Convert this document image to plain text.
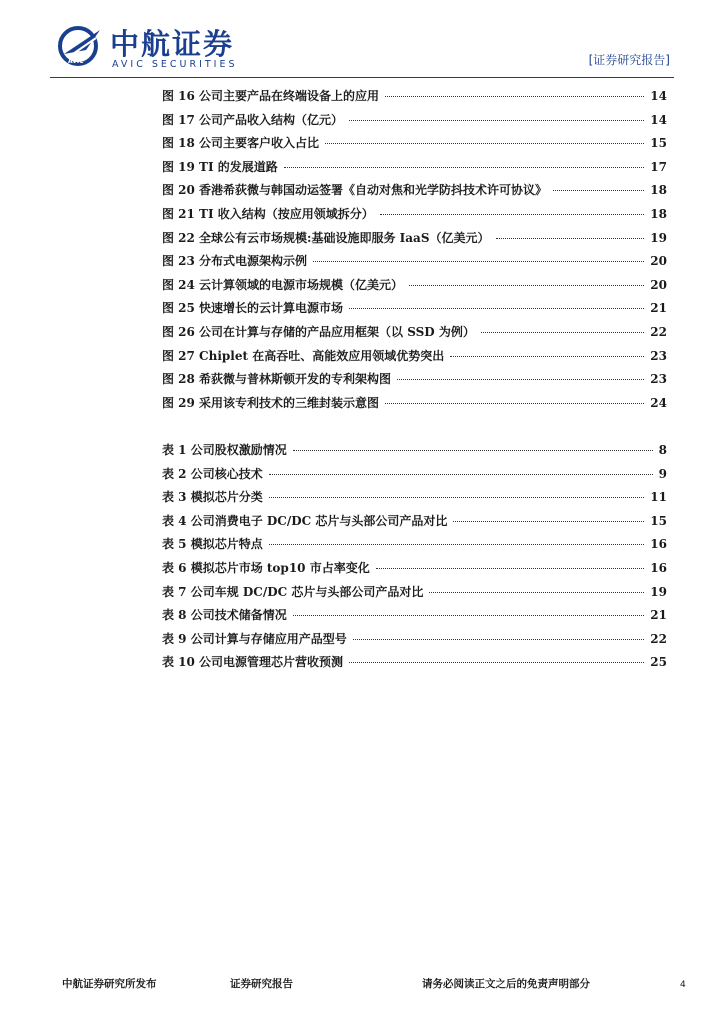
AVIC
中航证券
AVIC SECURITIES	[证券研究报告]
图 16 公司主要产品在终端设备上的应用	14
图 17 公司产品收入结构（亿元）	14
图 18 公司主要客户收入占比	15
图 19 TI 的发展道路	17
图 20 香港希荻微与韩国动运签署《自动对焦和光学防抖技术许可协议》	18
图 21 TI 收入结构（按应用领域拆分）	18
图 22 全球公有云市场规模:基础设施即服务 IaaS（亿美元）	19
图 23 分布式电源架构示例	20
图 24 云计算领域的电源市场规模（亿美元）	20
图 25 快速增长的云计算电源市场	21
图 26 公司在计算与存储的产品应用框架（以 SSD 为例）	22
图 27 Chiplet 在高吞吐、高能效应用领域优势突出	23
图 28 希荻微与普林斯顿开发的专利架构图	23
图 29 采用该专利技术的三维封装示意图	24
表 1 公司股权激励情况	8
表 2 公司核心技术	9
表 3 模拟芯片分类	11
表 4 公司消费电子 DC/DC 芯片与头部公司产品对比	15
表 5 模拟芯片特点	16
表 6 模拟芯片市场 top10 市占率变化	16
表 7 公司车规 DC/DC 芯片与头部公司产品对比	19
表 8 公司技术储备情况	21
表 9 公司计算与存储应用产品型号	22
表 10 公司电源管理芯片营收预测	25
中航证券研究所发布	证券研究报告	请务必阅读正文之后的免责声明部分	4
